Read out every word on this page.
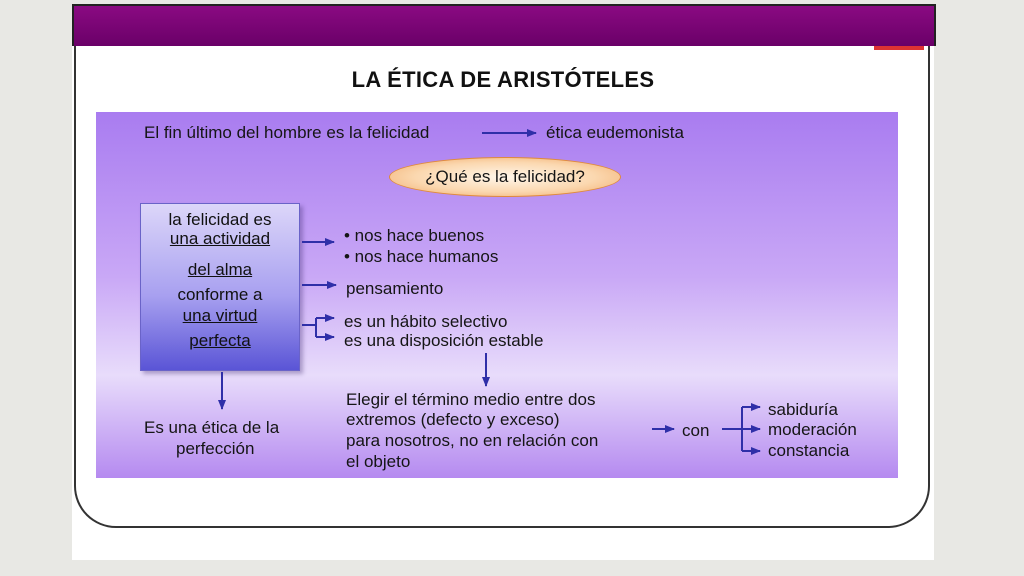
LA ÉTICA DE ARISTÓTELES
El fin último del hombre es la felicidad	ética eudemonista
¿Qué es la felicidad?
la felicidad es
una actividad
del alma
conforme a
una virtud
perfecta
• nos hace buenos
• nos hace humanos
pensamiento
es un hábito selectivo
es una disposición estable
Es una ética de la
perfección
Elegir el término medio entre dos
extremos (defecto y exceso)
para nosotros, no en relación con
el objeto
con
sabiduría
moderación
constancia
